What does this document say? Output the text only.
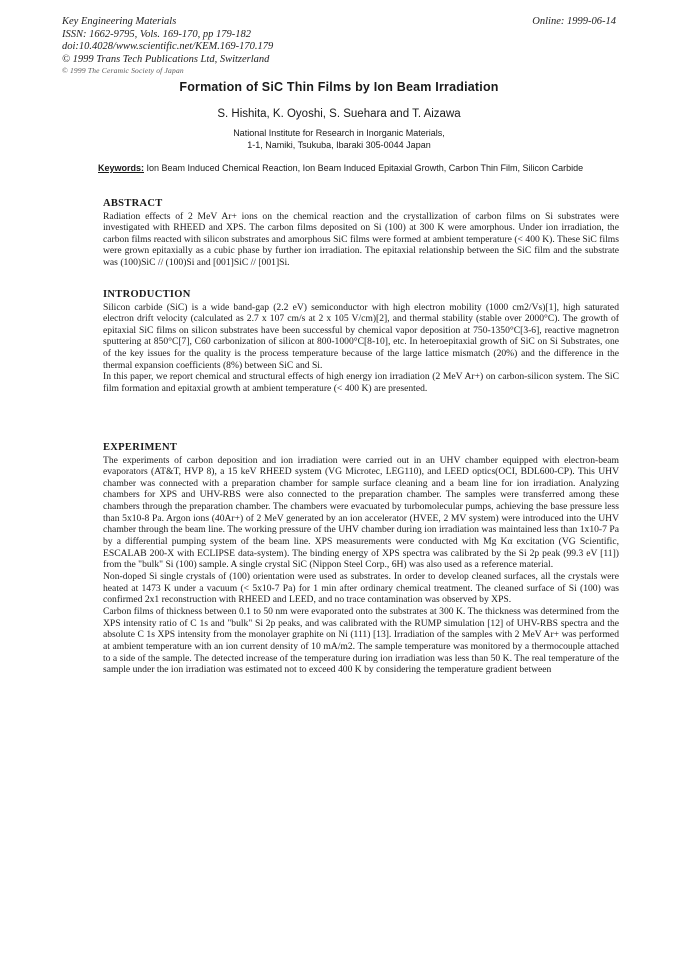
Key Engineering Materials
ISSN: 1662-9795, Vols. 169-170, pp 179-182
doi:10.4028/www.scientific.net/KEM.169-170.179
© 1999 Trans Tech Publications Ltd, Switzerland
© 1999 The Ceramic Society of Japan
Online: 1999-06-14
Formation of SiC Thin Films by Ion Beam Irradiation
S. Hishita, K. Oyoshi, S. Suehara and T. Aizawa
National Institute for Research in Inorganic Materials,
1-1, Namiki, Tsukuba, Ibaraki 305-0044 Japan
Keywords: Ion Beam Induced Chemical Reaction, Ion Beam Induced Epitaxial Growth, Carbon Thin Film, Silicon Carbide
ABSTRACT

Radiation effects of 2 MeV Ar+ ions on the chemical reaction and the crystallization of carbon films on Si substrates were investigated with RHEED and XPS. The carbon films deposited on Si (100) at 300 K were amorphous. Under ion irradiation, the carbon films reacted with silicon substrates and amorphous SiC films were formed at ambient temperature (< 400 K). These SiC films were grown epitaxially as a cubic phase by further ion irradiation. The epitaxial relationship between the SiC film and the substrate was (100)SiC // (100)Si and [001]SiC // [001]Si.

INTRODUCTION

Silicon carbide (SiC) is a wide band-gap (2.2 eV) semiconductor with high electron mobility (1000 cm2/Vs)[1], high saturated electron drift velocity (calculated as 2.7 x 107 cm/s at 2 x 105 V/cm)[2], and thermal stability (stable over 2000°C). The growth of epitaxial SiC films on silicon substrates have been successful by chemical vapor deposition at 750-1350°C[3-6], reactive magnetron sputtering at 850°C[7], C60 carbonization of silicon at 800-1000°C[8-10], etc. In heteroepitaxial growth of SiC on Si Substrates, one of the key issues for the quality is the process temperature because of the large lattice mismatch (20%) and the difference in the thermal expansion coefficients (8%) between SiC and Si.

In this paper, we report chemical and structural effects of high energy ion irradiation (2 MeV Ar+) on carbon-silicon system. The SiC film formation and epitaxial growth at ambient temperature (< 400 K) are presented.

EXPERIMENT

The experiments of carbon deposition and ion irradiation were carried out in an UHV chamber equipped with electron-beam evaporators (AT&T, HVP 8), a 15 keV RHEED system (VG Microtec, LEG110), and LEED optics(OCI, BDL600-CP). This UHV chamber was connected with a preparation chamber for sample surface cleaning and a beam line for ion irradiation. Analyzing chambers for XPS and UHV-RBS were also connected to the preparation chamber. The samples were transferred among these chambers through the preparation chamber. The chambers were evacuated by turbomolecular pumps, achieving the base pressure less than 5x10-8 Pa. Argon ions (40Ar+) of 2 MeV generated by an ion accelerator (HVEE, 2 MV system) were introduced into the UHV chamber through the beam line. The working pressure of the UHV chamber during ion irradiation was maintained less than 1x10-7 Pa by a differential pumping system of the beam line. XPS measurements were conducted with Mg Kα excitation (VG Scientific, ESCALAB 200-X with ECLIPSE data-system). The binding energy of XPS spectra was calibrated by the Si 2p peak (99.3 eV [11]) from the "bulk" Si (100) sample. A single crystal SiC (Nippon Steel Corp., 6H) was also used as a reference material.

Non-doped Si single crystals of (100) orientation were used as substrates. In order to develop cleaned surfaces, all the crystals were heated at 1473 K under a vacuum (< 5x10-7 Pa) for 1 min after ordinary chemical treatment. The cleaned surface of Si (100) was confirmed 2x1 reconstruction with RHEED and LEED, and no trace contamination was observed by XPS.

Carbon films of thickness between 0.1 to 50 nm were evaporated onto the substrates at 300 K. The thickness was determined from the XPS intensity ratio of C 1s and "bulk" Si 2p peaks, and was calibrated with the RUMP simulation [12] of UHV-RBS spectra and the absolute C 1s XPS intensity from the monolayer graphite on Ni (111) [13]. Irradiation of the samples with 2 MeV Ar+ was performed at ambient temperature with an ion current density of 10 mA/m2. The sample temperature was monitored by a thermocouple attached to a side of the sample. The detected increase of the temperature during ion irradiation was less than 50 K. The real temperature of the sample under the ion irradiation was estimated not to exceed 400 K by considering the temperature gradient between
